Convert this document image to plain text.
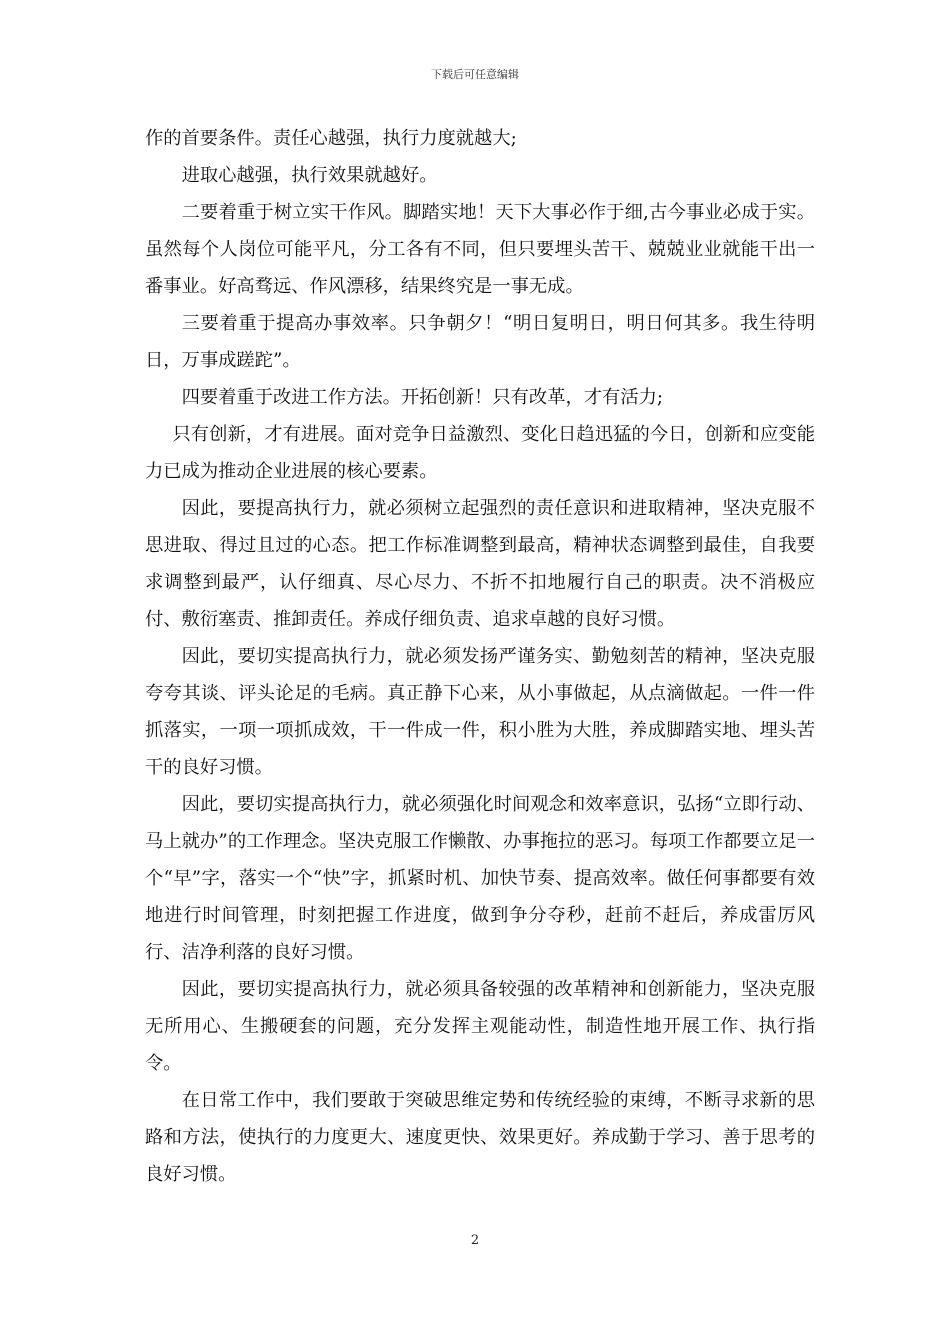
下载后可任意编辑

作的首要条件。责任心越强，执行力度就越大;

进取心越强，执行效果就越好。

二要着重于树立实干作风。脚踏实地！天下大事必作于细,古今事业必成于实。虽然每个人岗位可能平凡，分工各有不同，但只要埋头苦干、兢兢业业就能干出一番事业。好高骛远、作风漂移，结果终究是一事无成。

三要着重于提高办事效率。只争朝夕！“明日复明日，明日何其多。我生待明日，万事成蹉跎”。

四要着重于改进工作方法。开拓创新！只有改革，才有活力;

只有创新，才有进展。面对竞争日益激烈、变化日趋迅猛的今日，创新和应变能力已成为推动企业进展的核心要素。

因此，要提高执行力，就必须树立起强烈的责任意识和进取精神，坚决克服不思进取、得过且过的心态。把工作标准调整到最高，精神状态调整到最佳，自我要求调整到最严，认仔细真、尽心尽力、不折不扣地履行自己的职责。决不消极应付、敷衍塞责、推卸责任。养成仔细负责、追求卓越的良好习惯。

因此，要切实提高执行力，就必须发扬严谨务实、勤勉刻苦的精神，坚决克服夸夸其谈、评头论足的毛病。真正静下心来，从小事做起，从点滴做起。一件一件抓落实，一项一项抓成效，干一件成一件，积小胜为大胜，养成脚踏实地、埋头苦干的良好习惯。

因此，要切实提高执行力，就必须强化时间观念和效率意识，弘扬“立即行动、马上就办”的工作理念。坚决克服工作懒散、办事拖拉的恶习。每项工作都要立足一个“早”字，落实一个“快”字，抓紧时机、加快节奏、提高效率。做任何事都要有效地进行时间管理，时刻把握工作进度，做到争分夺秒，赶前不赶后，养成雷厉风行、洁净利落的良好习惯。

因此，要切实提高执行力，就必须具备较强的改革精神和创新能力，坚决克服无所用心、生搬硬套的问题，充分发挥主观能动性，制造性地开展工作、执行指令。

在日常工作中，我们要敢于突破思维定势和传统经验的束缚，不断寻求新的思路和方法，使执行的力度更大、速度更快、效果更好。养成勤于学习、善于思考的良好习惯。

2
